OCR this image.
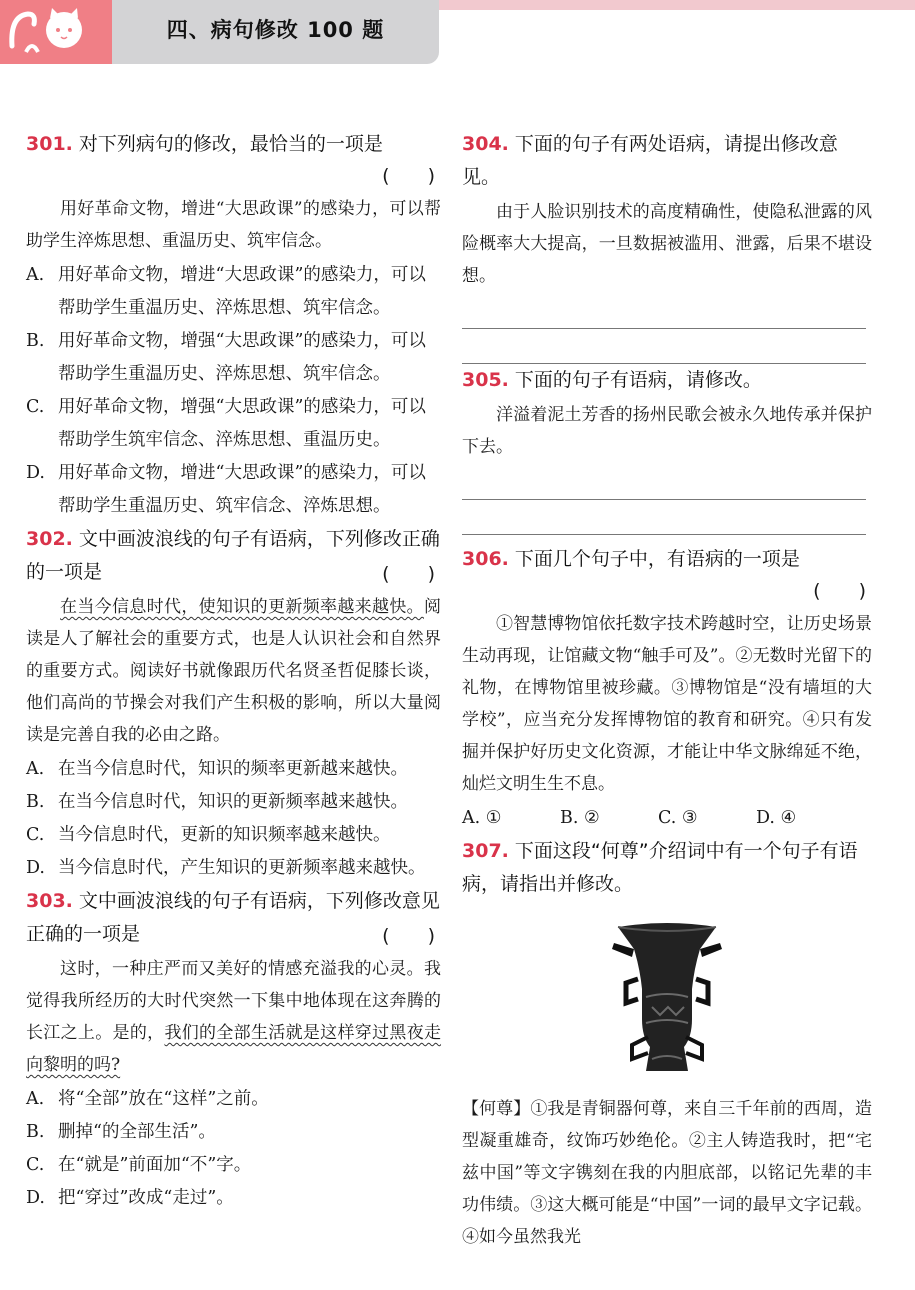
四、病句修改 100 题

301. 对下列病句的修改，最恰当的一项是

(　　)

用好革命文物，增进“大思政课”的感染力，可以帮助学生淬炼思想、重温历史、筑牢信念。

A. 用好革命文物，增进“大思政课”的感染力，可以帮助学生重温历史、淬炼思想、筑牢信念。

B. 用好革命文物，增强“大思政课”的感染力，可以帮助学生重温历史、淬炼思想、筑牢信念。

C. 用好革命文物，增强“大思政课”的感染力，可以帮助学生筑牢信念、淬炼思想、重温历史。

D. 用好革命文物，增进“大思政课”的感染力，可以帮助学生重温历史、筑牢信念、淬炼思想。

302. 文中画波浪线的句子有语病，下列修改正确的一项是	(　　)

在当今信息时代，使知识的更新频率越来越快。阅读是人了解社会的重要方式，也是人认识社会和自然界的重要方式。阅读好书就像跟历代名贤圣哲促膝长谈，他们高尚的节操会对我们产生积极的影响，所以大量阅读是完善自我的必由之路。

A. 在当今信息时代，知识的频率更新越来越快。

B. 在当今信息时代，知识的更新频率越来越快。

C. 当今信息时代，更新的知识频率越来越快。

D. 当今信息时代，产生知识的更新频率越来越快。

303. 文中画波浪线的句子有语病，下列修改意见正确的一项是	(　　)

这时，一种庄严而又美好的情感充溢我的心灵。我觉得我所经历的大时代突然一下集中地体现在这奔腾的长江之上。是的，我们的全部生活就是这样穿过黑夜走向黎明的吗?

A. 将“全部”放在“这样”之前。

B. 删掉“的全部生活”。

C. 在“就是”前面加“不”字。

D. 把“穿过”改成“走过”。

304. 下面的句子有两处语病，请提出修改意见。

由于人脸识别技术的高度精确性，使隐私泄露的风险概率大大提高，一旦数据被滥用、泄露，后果不堪设想。

305. 下面的句子有语病，请修改。

洋溢着泥土芳香的扬州民歌会被永久地传承并保护下去。

306. 下面几个句子中，有语病的一项是

(　　)

①智慧博物馆依托数字技术跨越时空，让历史场景生动再现，让馆藏文物“触手可及”。②无数时光留下的礼物，在博物馆里被珍藏。③博物馆是“没有墙垣的大学校”，应当充分发挥博物馆的教育和研究。④只有发掘并保护好历史文化资源，才能让中华文脉绵延不绝，灿烂文明生生不息。

A. ①	B. ②	C. ③	D. ④

307. 下面这段“何尊”介绍词中有一个句子有语病，请指出并修改。

【何尊】①我是青铜器何尊，来自三千年前的西周，造型凝重雄奇，纹饰巧妙绝伦。②主人铸造我时，把“宅兹中国”等文字镌刻在我的内胆底部，以铭记先辈的丰功伟绩。③这大概可能是“中国”一词的最早文字记载。④如今虽然我光
